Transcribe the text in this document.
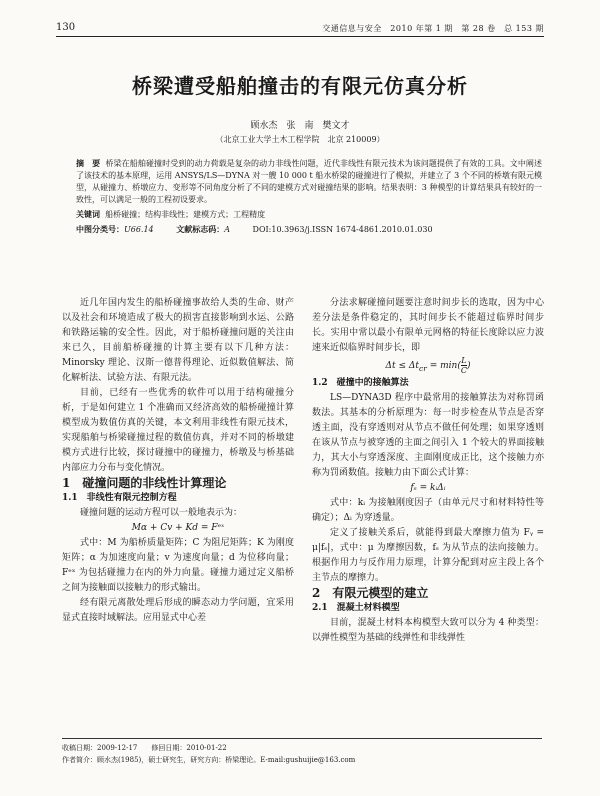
130	交通信息与安全　2010 年第 1 期　第 28 卷　总 153 期
桥梁遭受船舶撞击的有限元仿真分析
顾水杰　张　南　樊文才
（北京工业大学土木工程学院　北京 210009）
摘　要 桥梁在船舶碰撞时受到的动力荷载是复杂的动力非线性问题，近代非线性有限元技术为该问题提供了有效的工具。文中阐述了该技术的基本原理，运用 ANSYS/LS—DYNA 对一艘 10 000 t 船水桥梁的碰撞进行了模拟，并建立了 3 个不同的桥墩有限元模型，从碰撞力、桥墩应力、变形等不同角度分析了不同的建模方式对碰撞结果的影响。结果表明：3 种模型的计算结果具有较好的一致性，可以满足一般的工程初设要求。
关键词 船桥碰撞；结构非线性；建模方式；工程精度
中图分类号：U66.14	文献标志码：A	DOI:10.3963/j.ISSN 1674-4861.2010.01.030

近几年国内发生的船桥碰撞事故给人类的生命、财产以及社会和环境造成了极大的损害直接影响到水运、公路和铁路运输的安全性。因此，对于船桥碰撞问题的关注由来已久，目前船桥碰撞的计算主要有以下几种方法：Minorsky 理论、汉斯一德普得理论、近似数值解法、简化解析法、试验方法、有限元法。

目前，已经有一些优秀的软件可以用于结构碰撞分析，于是如何建立 1 个准确而又经济高效的船桥碰撞计算模型成为数值仿真的关键，本文利用非线性有限元技术，实现船舶与桥梁碰撞过程的数值仿真，并对不同的桥墩建模方式进行比较，探讨碰撞中的碰撞力，桥墩及与桥基础内部应力分布与变化情况。

1　碰撞问题的非线性计算理论

1.1　非线性有限元控制方程

碰撞问题的运动方程可以一般地表示为：

Mα + Cv + Kd = Fᵉˣ

式中：M 为船桥质量矩阵；C 为阻尼矩阵；K 为刚度矩阵；α 为加速度向量；v 为速度向量；d 为位移向量；Fᵉˣ 为包括碰撞力在内的外力向量。碰撞力通过定义船桥之间为接触面以接触力的形式输出。

经有限元离散处理后形成的瞬态动力学问题，宜采用显式直接时域解法。应用显式中心差

分法求解碰撞问题要注意时间步长的选取，因为中心差分法是条件稳定的，其时间步长不能超过临界时间步长。实用中常以最小有限单元网格的特征长度除以应力波速来近似临界时间步长，即

$\Delta t \le \Delta t_{cr} = \min( \frac{L}{C}$ )

1.2　碰撞中的接触算法

LS—DYNA3D 程序中最常用的接触算法为对称罚函数法。其基本的分析原理为：每一时步检查从节点是否穿透主面，没有穿透则对从节点不做任何处理；如果穿透则在该从节点与被穿透的主面之间引入 1 个较大的界面接触力，其大小与穿透深度、主面刚度成正比，这个接触力亦称为罚函数值。接触力由下面公式计算：

fₛ = kᵢΔᵢ

式中：kᵢ 为接触刚度因子（由单元尺寸和材料特性等确定）；Δᵢ 为穿透量。

定义了接触关系后，就能得到最大摩擦力值为 Fᵧ = μ|fₛ|，式中：μ 为摩擦因数，fₛ 为从节点的法向接触力。根据作用力与反作用力原理，计算分配到对应主段上各个主节点的摩擦力。

2　有限元模型的建立

2.1　混凝土材料模型

目前，混凝土材料本构模型大致可以分为 4 种类型：以弹性模型为基础的线弹性和非线弹性

收稿日期：2009-12-17　　修回日期：2010-01-22
作者简介：顾水杰(1985)，硕士研究生，研究方向：桥梁理论。E-mail:gushuijie@163.com
